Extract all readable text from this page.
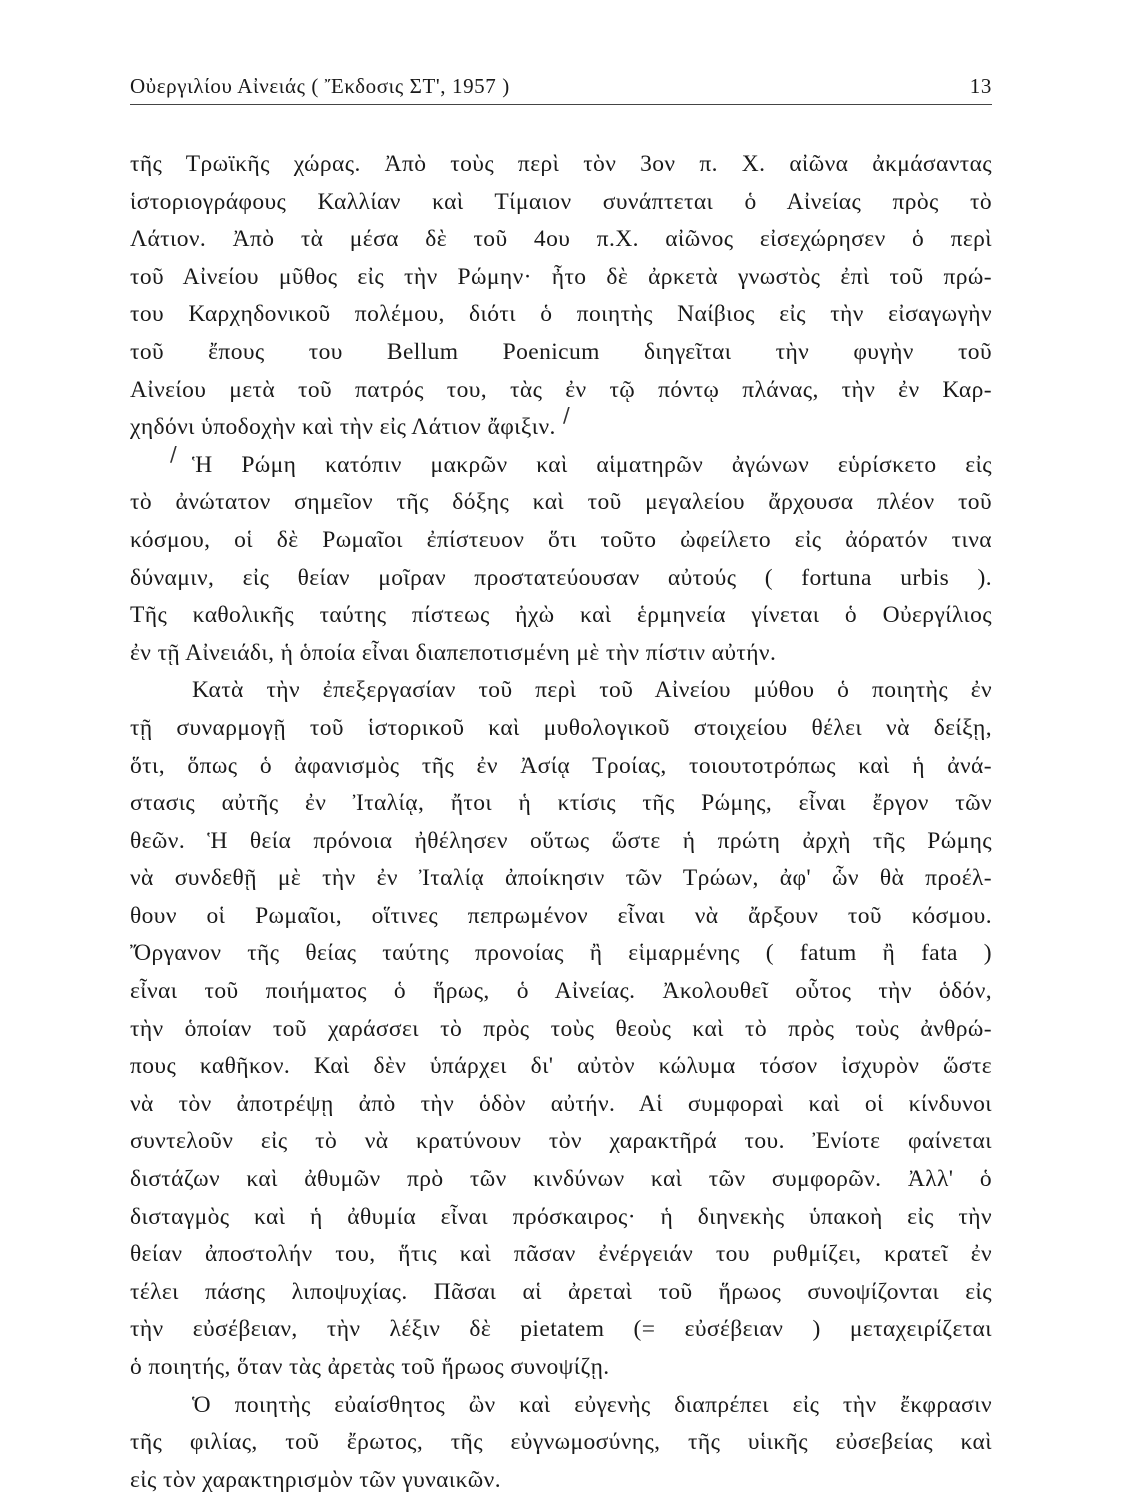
Οὐεργιλίου Αἰνειάς ( Ἔκδοσις ΣΤ', 1957 )	13
τῆς Τρωϊκῆς χώρας. Ἀπὸ τοὺς περὶ τὸν 3ον π. Χ. αἰῶνα ἀκμάσαντας
ἱστοριογράφους Καλλίαν καὶ Τίμαιον συνάπτεται ὁ Αἰνείας πρὸς τὸ
Λάτιον. Ἀπὸ τὰ μέσα δὲ τοῦ 4ου π.Χ. αἰῶνος εἰσεχώρησεν ὁ περὶ
τοῦ Αἰνείου μῦθος εἰς τὴν Ρώμην· ἦτο δὲ ἀρκετὰ γνωστὸς ἐπὶ τοῦ πρώ-
του Καρχηδονικοῦ πολέμου, διότι ὁ ποιητὴς Ναίβιος εἰς τὴν εἰσαγωγὴν
τοῦ ἔπους του Bellum Poenicum διηγεῖται τὴν φυγὴν τοῦ
Αἰνείου μετὰ τοῦ πατρός του, τὰς ἐν τῷ πόντῳ πλάνας, τὴν ἐν Καρ-
χηδόνι ὑποδοχὴν καὶ τὴν εἰς Λάτιον ἄφιξιν.
Ἡ Ρώμη κατόπιν μακρῶν καὶ αἱματηρῶν ἀγώνων εὑρίσκετο εἰς
τὸ ἀνώτατον σημεῖον τῆς δόξης καὶ τοῦ μεγαλείου ἄρχουσα πλέον τοῦ
κόσμου, οἱ δὲ Ρωμαῖοι ἐπίστευον ὅτι τοῦτο ὠφείλετο εἰς ἀόρατόν τινα
δύναμιν, εἰς θείαν μοῖραν προστατεύουσαν αὐτούς ( fortuna urbis ).
Τῆς καθολικῆς ταύτης πίστεως ἠχὼ καὶ ἑρμηνεία γίνεται ὁ Οὐεργίλιος
ἐν τῇ Αἰνειάδι, ἡ ὁποία εἶναι διαπεποτισμένη μὲ τὴν πίστιν αὐτήν.
Κατὰ τὴν ἐπεξεργασίαν τοῦ περὶ τοῦ Αἰνείου μύθου ὁ ποιητὴς ἐν
τῇ συναρμογῇ τοῦ ἱστορικοῦ καὶ μυθολογικοῦ στοιχείου θέλει νὰ δείξῃ,
ὅτι, ὅπως ὁ ἀφανισμὸς τῆς ἐν Ἀσίᾳ Τροίας, τοιουτοτρόπως καὶ ἡ ἀνά-
στασις αὐτῆς ἐν Ἰταλίᾳ, ἤτοι ἡ κτίσις τῆς Ρώμης, εἶναι ἔργον τῶν
θεῶν. Ἡ θεία πρόνοια ἠθέλησεν οὕτως ὥστε ἡ πρώτη ἀρχὴ τῆς Ρώμης
νὰ συνδεθῇ μὲ τὴν ἐν Ἰταλίᾳ ἀποίκησιν τῶν Τρώων, ἀφ' ὧν θὰ προέλ-
θουν οἱ Ρωμαῖοι, οἵτινες πεπρωμένον εἶναι νὰ ἄρξουν τοῦ κόσμου.
Ὄργανον τῆς θείας ταύτης προνοίας ἢ εἱμαρμένης ( fatum ἢ fata )
εἶναι τοῦ ποιήματος ὁ ἥρως, ὁ Αἰνείας. Ἀκολουθεῖ οὗτος τὴν ὁδόν,
τὴν ὁποίαν τοῦ χαράσσει τὸ πρὸς τοὺς θεοὺς καὶ τὸ πρὸς τοὺς ἀνθρώ-
πους καθῆκον. Καὶ δὲν ὑπάρχει δι' αὐτὸν κώλυμα τόσον ἰσχυρὸν ὥστε
νὰ τὸν ἀποτρέψῃ ἀπὸ τὴν ὁδὸν αὐτήν. Αἱ συμφοραὶ καὶ οἱ κίνδυνοι
συντελοῦν εἰς τὸ νὰ κρατύνουν τὸν χαρακτῆρά του. Ἐνίοτε φαίνεται
διστάζων καὶ ἀθυμῶν πρὸ τῶν κινδύνων καὶ τῶν συμφορῶν. Ἀλλ' ὁ
δισταγμὸς καὶ ἡ ἀθυμία εἶναι πρόσκαιρος· ἡ διηνεκὴς ὑπακοὴ εἰς τὴν
θείαν ἀποστολήν του, ἥτις καὶ πᾶσαν ἐνέργειάν του ρυθμίζει, κρατεῖ ἐν
τέλει πάσης λιποψυχίας. Πᾶσαι αἱ ἀρεταὶ τοῦ ἥρωος συνοψίζονται εἰς
τὴν εὐσέβειαν, τὴν λέξιν δὲ pietatem (= εὐσέβειαν ) μεταχειρίζεται
ὁ ποιητής, ὅταν τὰς ἀρετὰς τοῦ ἥρωος συνοψίζῃ.
Ὁ ποιητὴς εὐαίσθητος ὢν καὶ εὐγενὴς διαπρέπει εἰς τὴν ἔκφρασιν
τῆς φιλίας, τοῦ ἔρωτος, τῆς εὐγνωμοσύνης, τῆς υἱικῆς εὐσεβείας καὶ
εἰς τὸν χαρακτηρισμὸν τῶν γυναικῶν.
/
/
